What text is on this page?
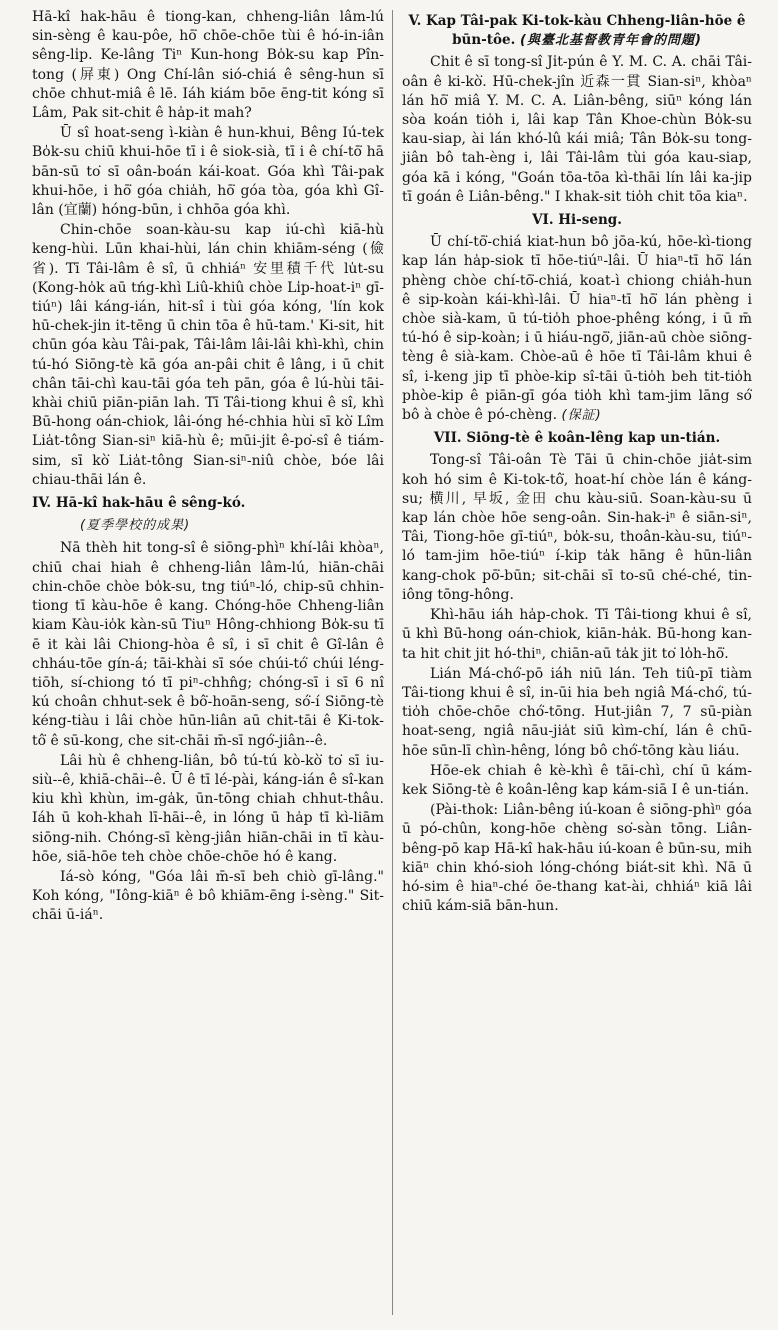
Hā-kî hak-hāu ê tiong-kan, chheng-liân lâm-lú sin-sèng ê kau-pôe, hō͘ chōe-chōe tùi ê hó-in-iân sêng-li̍p. Ke-lâng Tiⁿ Kun-hong Bo̍k-su kap Pîn-tong (屏東) Ong Chí-lân sió-chiá ê sêng-hun sī chōe chhut-miâ ê lē. Iáh kiám bōe ēng-tit kóng sī Lâm, Pak sit-chit ê ha̍p-it mah?

Ū sî hoat-seng ì-kiàn ê hun-khui, Bêng Iú-tek Bo̍k-su chiū khui-hōe tī i ê siok-sià, tī i ê chí-tō͘ hā bān-sū to͘ sī oân-boán kái-koat. Góa khì Tâi-pak khui-hōe, i hō͘ góa chia̍h, hō͘ góa tòa, góa khì Gî-lân (宜蘭) hóng-būn, i chhōa góa khì.

Chin-chōe soan-kàu-su kap iú-chì kiā-hù keng-hùi. Lūn khai-hùi, lán chin khiām-séng (儉省). Tī Tâi-lâm ê sî, ū chhiáⁿ 安里積千代 lu̍t-su (Kong-ho̍k aū tńg-khì Liû-khiû chòe Li̍p-hoat-iⁿ gī-tiúⁿ) lâi káng-ián, hit-sî i tùi góa kóng, 'lín kok hū-chek-ji̍n it-tēng ū chin tōa ê hū-tam.' Ki-sit, hit chūn góa kàu Tâi-pak, Tâi-lâm lâi-lâi khì-khì, chin tú-hó Siōng-tè kā góa an-pâi chit ê lâng, i ū chit chân tāi-chì kau-tāi góa teh pān, góa ê lú-hùi tāi-khài chiū piān-piān lah. Tī Tâi-tiong khui ê sî, khì Bū-hong oán-chiok, lâi-óng hé-chhia hùi sī kò͘ Lîm Lia̍t-tông Sian-siⁿ kiā-hù ê; mūi-ji̍t ê-po͘-sî ê tiám-sim, sī kò͘ Lia̍t-tông Sian-siⁿ-niû chòe, bóe lâi chiau-thāi lán ê.

IV. Hā-kî hak-hāu ê sêng-kó.
(夏季學校的成果)

Nā thèh hit tong-sî ê siōng-phìⁿ khí-lâi khòaⁿ, chiū chai hiah ê chheng-liân lâm-lú, hiān-chāi chin-chōe chòe bo̍k-su, tng tiúⁿ-ló, chip-sū chhin-tiong tī kàu-hōe ê kang. Chóng-hōe Chheng-liân kiam Kàu-io̍k kàn-sū Tiuⁿ Hông-chhiong Bo̍k-su tī ē it kài lâi Chiong-hòa ê sî, i sī chit ê Gî-lân ê chháu-tōe gín-á; tāi-khài sī sóe chúi-tó͘ chúi léng-tiōh, sí-chiong tó tī piⁿ-chhn̂g; chóng-sī i sī 6 nî kú choân chhut-sek ê bô͘-hoān-seng, só͘-í Siōng-tè kéng-tiàu i lâi chòe hūn-liân aū chit-tāi ê Ki-tok-tô͘ ê sū-kong, che sit-chāi m̄-sī ngó͘-jiân--ê.

Lâi hù ê chheng-liân, bô tú-tú kò-kò͘ to͘ sī iu-siù--ê, khiā-chāi--ê. Ū ê tī lé-pài, káng-ián ê sî-kan kiu khì khùn, im-ga̍k, ūn-tōng chiah chhut-thâu. Iáh ū koh-khah lī-hāi--ê, in lóng ū ha̍p tī kì-liām siōng-nih. Chóng-sī kèng-jiân hiān-chāi in tī kàu-hōe, siā-hōe teh chòe chōe-chōe hó ê kang.

Iá-sò kóng, "Góa lâi m̄-sī beh chiò gī-lâng." Koh kóng, "Iông-kiāⁿ ê bô khiām-ēng i̍-sèng." Sit-chāi ū-iáⁿ.

V. Kap Tâi-pak Ki-tok-kàu Chheng-liân-hōe ê būn-tôe. (與臺北基督教青年會的問題)

Chit ê sī tong-sî Ji̍t-pún ê Y. M. C. A. chāi Tâi-oân ê ki-kò͘. Hū-chek-jîn 近森一貫 Sian-siⁿ, khòaⁿ lán hō͘ miâ Y. M. C. A. Liân-bêng, siūⁿ kóng lán sòa koán tio̍h i, lâi kap Tân Khoe-chùn Bo̍k-su kau-siap, ài lán khó-lû kái miâ; Tân Bo̍k-su tong-jiân bô tah-èng i, lâi Tâi-lâm tùi góa kau-siap, góa kā i kóng, "Goán tōa-tōa kì-thāi lín lâi ka-jip tī goán ê Liân-bêng." I khak-sit tio̍h chit tōa kiaⁿ.

VI. Hi-seng.

Ū chí-tō͘-chiá kiat-hun bô jōa-kú, hōe-kì-tiong kap lán ha̍p-siok tī hōe-tiúⁿ-lâi. Ū hiaⁿ-tī hō͘ lán phèng chòe chí-tō͘-chiá, koat-ì chiong chia̍h-hun ê sip-koàn kái-khì-lâi. Ū hiaⁿ-tī hō͘ lán phèng i chòe sià-kam, ū tú-tio̍h phoe-phêng kóng, i ū m̄ tú-hó ê sip-koàn; i ū hiáu-ngō͘, jiān-aū chòe siōng-tèng ê sià-kam. Chòe-aū ê hōe tī Tâi-lâm khui ê sî, i-keng jip tī phòe-kip sî-tāi ū-tio̍h beh tit-tio̍h phòe-kip ê piān-gī góa tio̍h khì tam-jim lāng só͘ bô à chòe ê pó-chèng. (保証)

VII. Siōng-tè ê koân-lêng kap un-tián.

Tong-sî Tâi-oân Tè Tāi ū chin-chōe jia̍t-sim koh hó sim ê Ki-tok-tô͘, hoat-hí chòe lán ê káng-su; 横川, 早坂, 金田 chu kàu-siū. Soan-kàu-su ū kap lán chòe hōe seng-oân. Sin-hak-iⁿ ê siān-siⁿ, Tâi, Tiong-hōe gī-tiúⁿ, bo̍k-su, thoân-kàu-su, tiúⁿ-ló tam-jim hōe-tiúⁿ í-kip ta̍k hāng ê hūn-liân kang-chok pō͘-būn; sit-chāi sī to-sū ché-ché, tin-iông tōng-hông.

Khì-hāu iáh ha̍p-chok. Tī Tâi-tiong khui ê sî, ū khì Bū-hong oán-chiok, kiān-ha̍k. Bū-hong kan-ta hit chit jit hó-thiⁿ, chiān-aū ta̍k jit to͘ lo̍h-hō͘.

Lián Má-chó͘-pō iáh niū lán. Teh tiû-pī tiàm Tâi-tiong khui ê sî, in-ūi hia beh ngiâ Má-chó͘, tú-tio̍h chōe-chōe chó͘-tōng. Hut-jiân 7, 7 sū-piàn hoat-seng, ngiâ nāu-jia̍t siū kìm-chí, lán ê chū-hōe sūn-lī chìn-hêng, lóng bô chó͘-tōng kàu liáu.

Hōe-ek chiah ê kè-khì ê tāi-chì, chí ū kám-kek Siōng-tè ê koân-lêng kap kám-siā I ê un-tián.

(Pài-thok: Liân-bêng iú-koan ê siōng-phìⁿ góa ū pó-chûn, kong-hōe chèng so͘-sàn tōng. Liân-bêng-pō kap Hā-kî hak-hāu iú-koan ê būn-su, mih kiāⁿ chin khó-sioh lóng-chóng biát-sit khì. Nā ū hó-sim ê hiaⁿ-ché ōe-thang kat-ài, chhiáⁿ kiā lâi chiū kám-siā bān-hun.
